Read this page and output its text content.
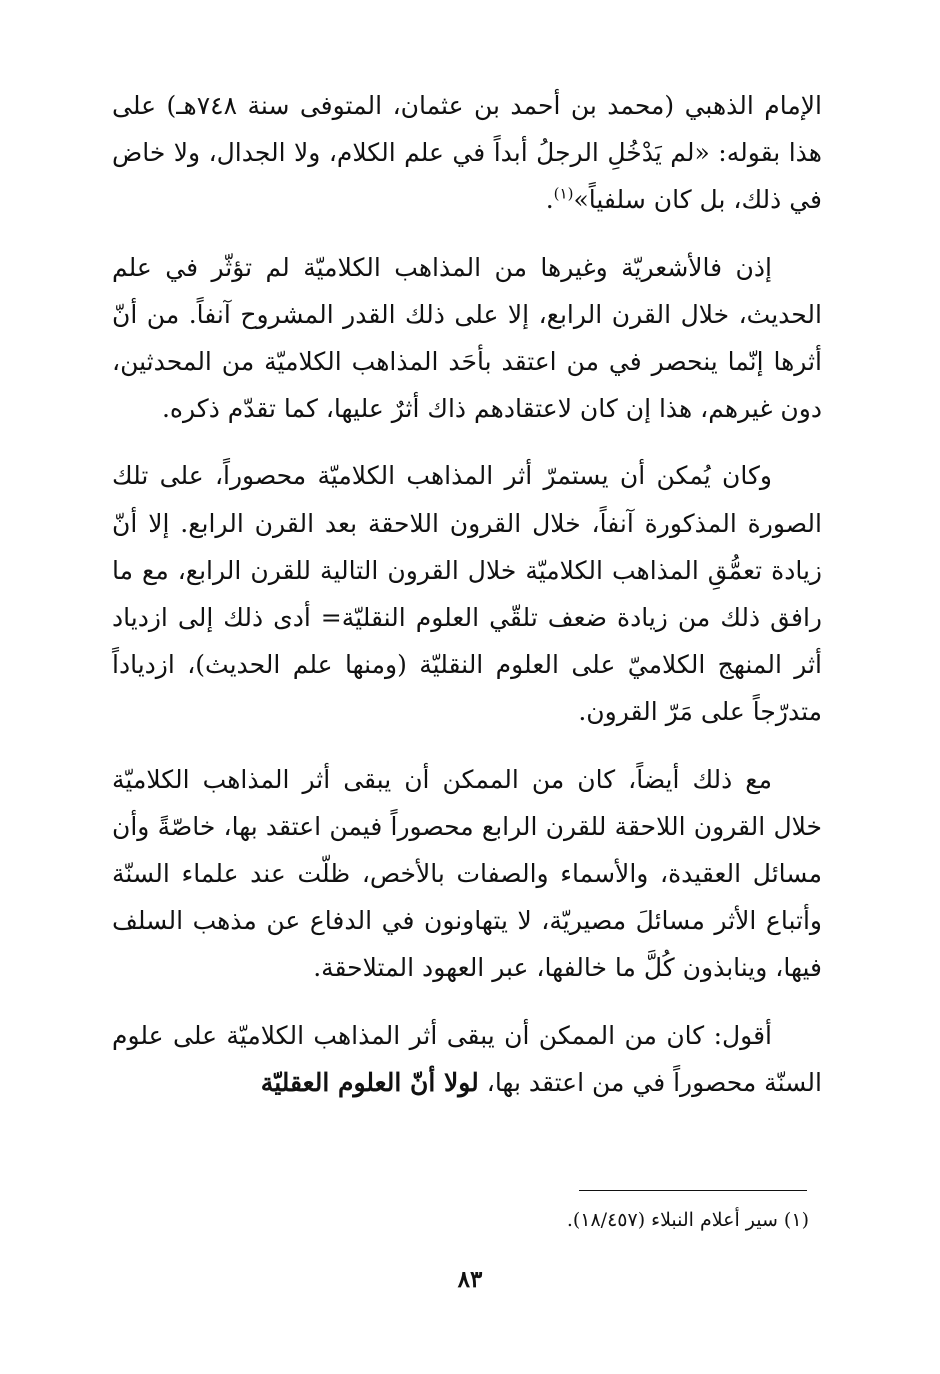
الإمام الذهبي (محمد بن أحمد بن عثمان، المتوفى سنة ٧٤٨هـ) على هذا بقوله: «لم يَدْخُلِ الرجلُ أبداً في علم الكلام، ولا الجدال، ولا خاض في ذلك، بل كان سلفياً»$^{(١)}$.

إذن فالأشعريّة وغيرها من المذاهب الكلاميّة لم تؤثّر في علم الحديث، خلال القرن الرابع، إلا على ذلك القدر المشروح آنفاً. من أنّ أثرها إنّما ينحصر في من اعتقد بأحَد المذاهب الكلاميّة من المحدثين، دون غيرهم، هذا إن كان لاعتقادهم ذاك أثرٌ عليها، كما تقدّم ذكره.

وكان يُمكن أن يستمرّ أثر المذاهب الكلاميّة محصوراً، على تلك الصورة المذكورة آنفاً، خلال القرون اللاحقة بعد القرن الرابع. إلا أنّ زيادة تعمُّقِ المذاهب الكلاميّة خلال القرون التالية للقرن الرابع، مع ما رافق ذلك من زيادة ضعف تلقّي العلوم النقليّة= أدى ذلك إلى ازدياد أثر المنهج الكلاميّ على العلوم النقليّة (ومنها علم الحديث)، ازدياداً متدرّجاً على مَرّ القرون.

مع ذلك أيضاً، كان من الممكن أن يبقى أثر المذاهب الكلاميّة خلال القرون اللاحقة للقرن الرابع محصوراً فيمن اعتقد بها، خاصّةً وأن مسائل العقيدة، والأسماء والصفات بالأخص، ظلّت عند علماء السنّة وأتباع الأثر مسائلَ مصيريّة، لا يتهاونون في الدفاع عن مذهب السلف فيها، وينابذون كُلَّ ما خالفها، عبر العهود المتلاحقة.

أقول: كان من الممكن أن يبقى أثر المذاهب الكلاميّة على علوم السنّة محصوراً في من اعتقد بها، لولا أنّ العلوم العقليّة

(١) سير أعلام النبلاء (١٨/٤٥٧).
٨٣
